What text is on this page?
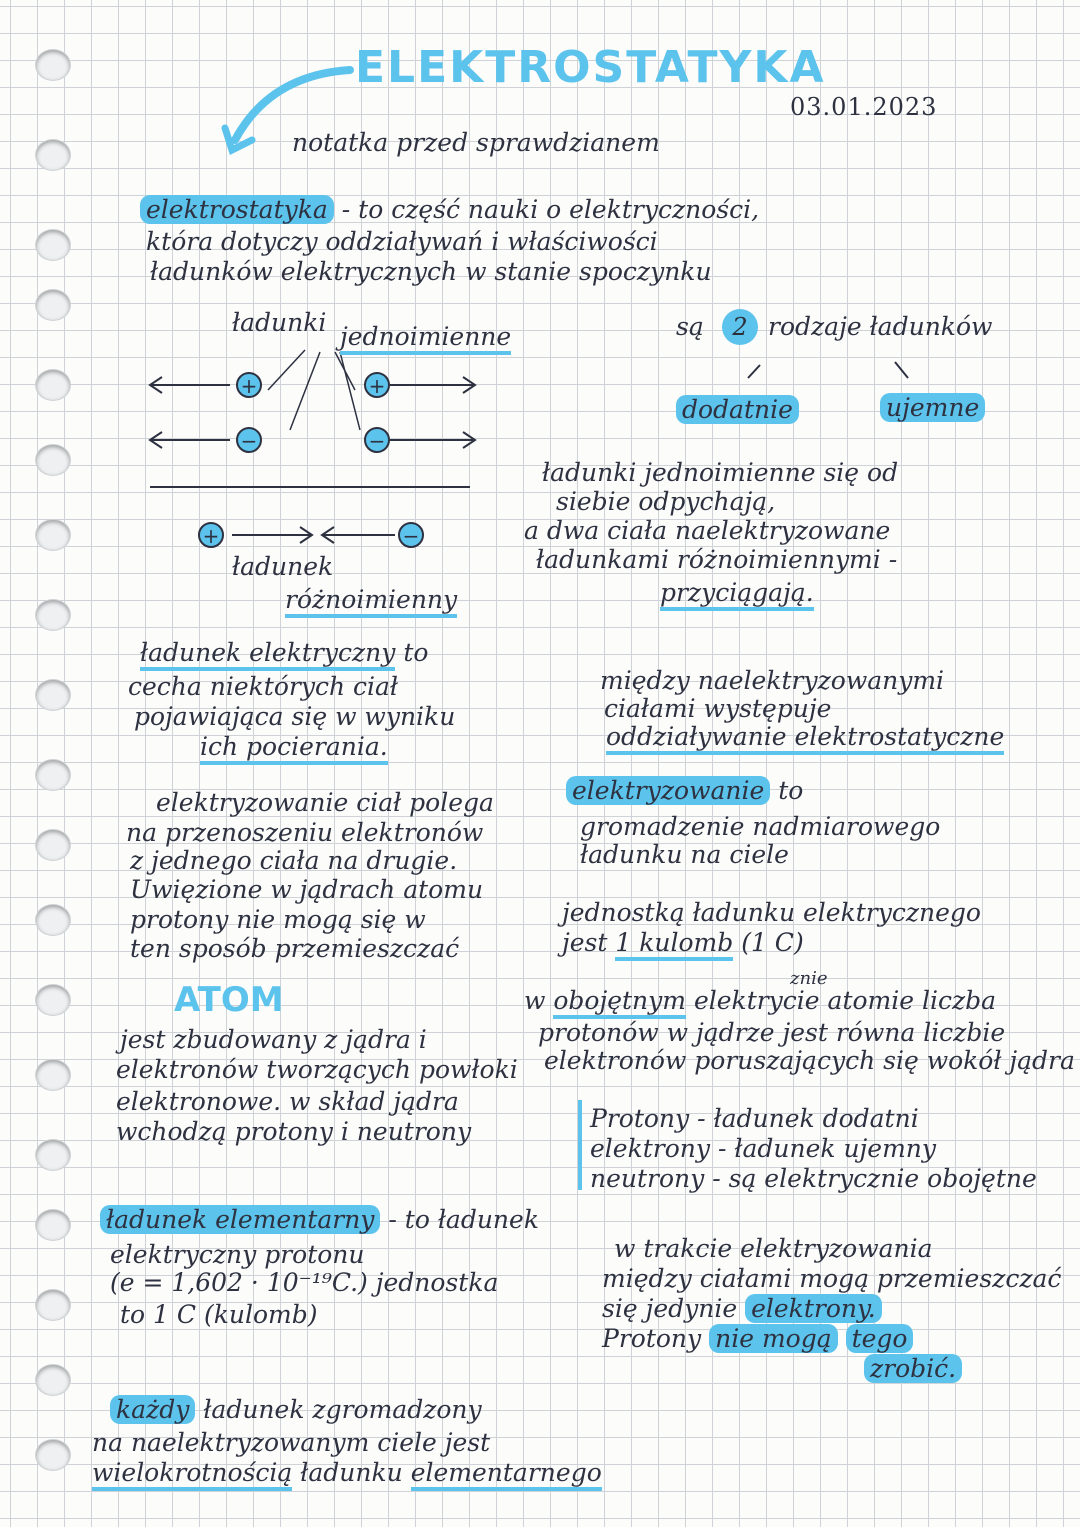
ELEKTROSTATYKA
03.01.2023
notatka przed sprawdzianem
elektrostatyka - to część nauki o elektryczności,
która dotyczy oddziaływań i właściwości
ładunków elektrycznych w stanie spoczynku
ładunki jednoimienne
+	+
−	−
+	−
ładunek
różnoimienny
są	2 rodzaje ładunków
dodatnie	ujemne
ładunki jednoimienne się od
siebie odpychają,
a dwa ciała naelektryzowane
ładunkami różnoimiennymi -
przyciągają.
ładunek elektryczny to
cecha niektórych ciał
pojawiająca się w wyniku
ich pocierania.
między naelektryzowanymi
ciałami występuje
oddziaływanie elektrostatyczne
elektryzowanie ciał polega
na przenoszeniu elektronów
z jednego ciała na drugie.
Uwięzione w jądrach atomu
protony nie mogą się w
ten sposób przemieszczać
elektryzowanie to
gromadzenie nadmiarowego
ładunku na ciele
jednostką ładunku elektrycznego
jest 1 kulomb (1 C)
ATOM
jest zbudowany z jądra i
elektronów tworzących powłoki
elektronowe. w skład jądra
wchodzą protony i neutrony
znie
w obojętnym elektrycie atomie liczba
protonów w jądrze jest równa liczbie
elektronów poruszających się wokół jądra
Protony - ładunek dodatni
elektrony - ładunek ujemny
neutrony - są elektrycznie obojętne
ładunek elementarny - to ładunek
elektryczny protonu
(e = 1,602 · 10⁻¹⁹C.) jednostka
to 1 C (kulomb)
w trakcie elektryzowania
między ciałami mogą przemieszczać
się jedynie elektrony.
Protony nie mogą tego
zrobić.
każdy ładunek zgromadzony
na naelektryzowanym ciele jest
wielokrotnością ładunku elementarnego
